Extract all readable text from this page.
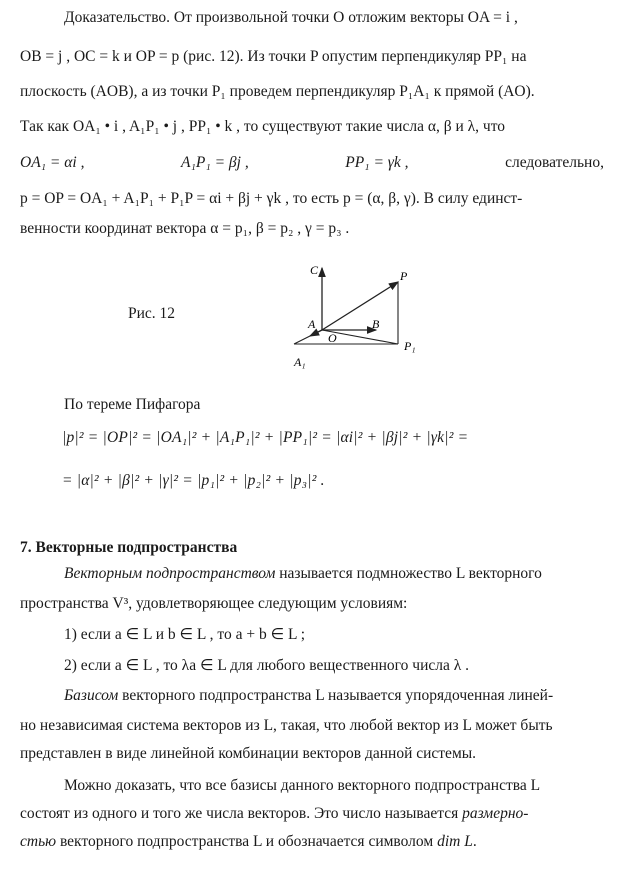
Доказательство. От произвольной точки O отложим векторы OA = i ,
OB = j , OC = k и OP = p (рис. 12). Из точки P опустим перпендикуляр PP₁ на
плоскость (AOB), а из точки P₁ проведем перпендикуляр P₁A₁ к прямой (AO).
Так как OA₁ • i , A₁P₁ • j , PP₁ • k , то существуют такие числа α, β и λ, что
OA₁ = αi ,	A₁P₁ = βj ,	PP₁ = γk ,	следовательно,
p = OP = OA₁ + A₁P₁ + P₁P = αi + βj + γk , то есть p = (α, β, γ). В силу единст-
венности координат вектора α = p₁, β = p₂ , γ = p₃ .
Рис. 12
C	P
A	B
O
P₁
A₁
По тереме Пифагора
|p|² = |OP|² = |OA₁|² + |A₁P₁|² + |PP₁|² = |αi|² + |βj|² + |γk|² =
= |α|² + |β|² + |γ|² = |p₁|² + |p₂|² + |p₃|² .
7. Векторные подпространства
Векторным подпространством называется подмножество L векторного
пространства V³, удовлетворяющее следующим условиям:
1) если a ∈ L и b ∈ L , то a + b ∈ L ;
2) если a ∈ L , то λa ∈ L для любого вещественного числа λ .
Базисом векторного подпространства L называется упорядоченная линей-
но независимая система векторов из L, такая, что любой вектор из L может быть
представлен в виде линейной комбинации векторов данной системы.
Можно доказать, что все базисы данного векторного подпространства L
состоят из одного и того же числа векторов. Это число называется размерно-
стью векторного подпространства L и обозначается символом dim L.
